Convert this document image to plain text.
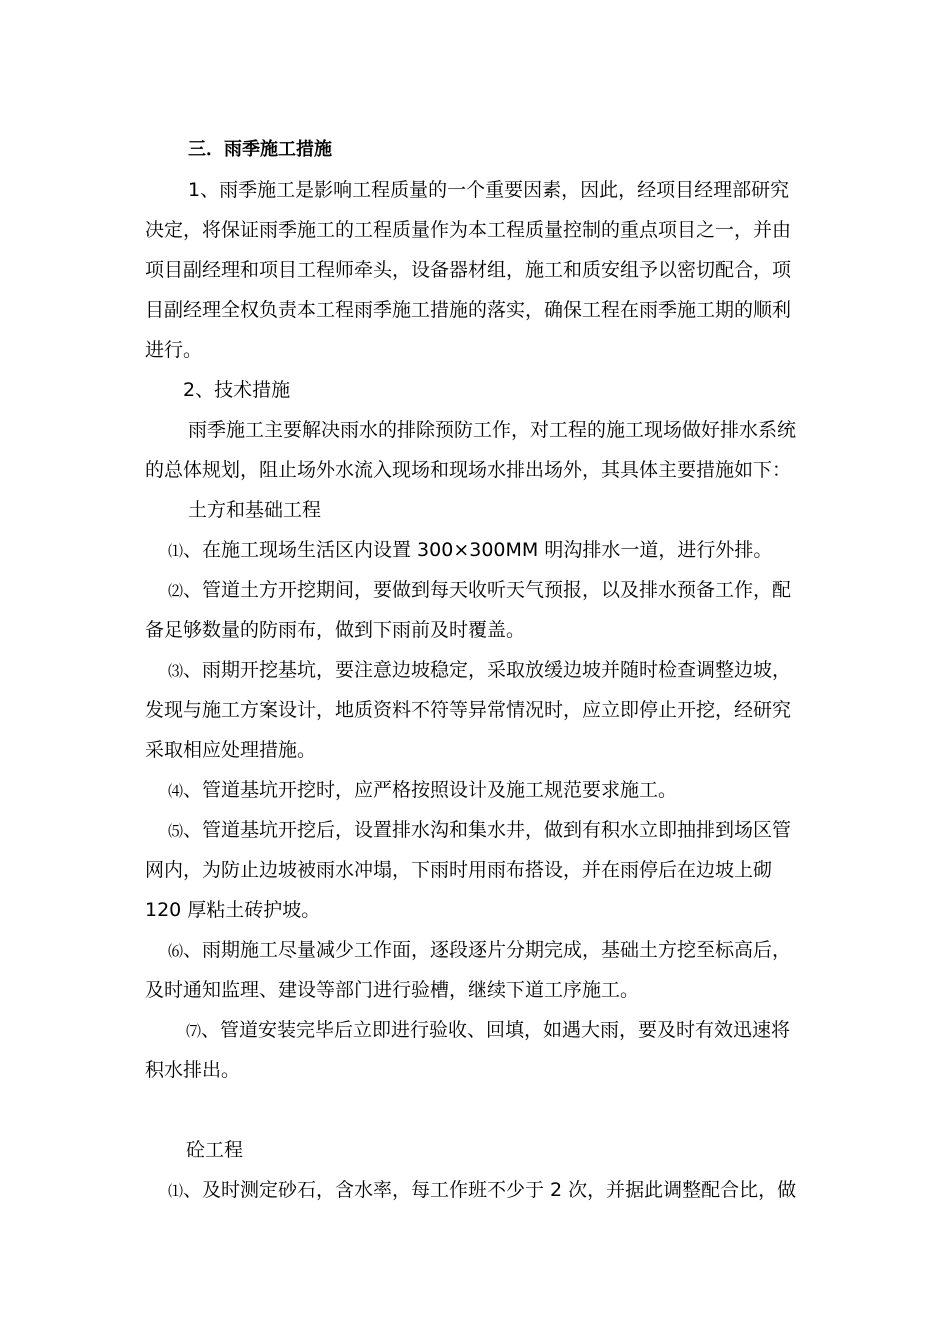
三．雨季施工措施
1、雨季施工是影响工程质量的一个重要因素，因此，经项目经理部研究
决定，将保证雨季施工的工程质量作为本工程质量控制的重点项目之一，并由
项目副经理和项目工程师牵头，设备器材组，施工和质安组予以密切配合，项
目副经理全权负责本工程雨季施工措施的落实，确保工程在雨季施工期的顺利
进行。
2、技术措施
雨季施工主要解决雨水的排除预防工作，对工程的施工现场做好排水系统
的总体规划，阻止场外水流入现场和现场水排出场外，其具体主要措施如下：
土方和基础工程
⑴、在施工现场生活区内设置 300×300MM 明沟排水一道，进行外排。
⑵、管道土方开挖期间，要做到每天收听天气预报，以及排水预备工作，配
备足够数量的防雨布，做到下雨前及时覆盖。
⑶、雨期开挖基坑，要注意边坡稳定，采取放缓边坡并随时检查调整边坡，
发现与施工方案设计，地质资料不符等异常情况时，应立即停止开挖，经研究
采取相应处理措施。
⑷、管道基坑开挖时，应严格按照设计及施工规范要求施工。
⑸、管道基坑开挖后，设置排水沟和集水井，做到有积水立即抽排到场区管
网内，为防止边坡被雨水冲塌，下雨时用雨布搭设，并在雨停后在边坡上砌
120 厚粘土砖护坡。
⑹、雨期施工尽量减少工作面，逐段逐片分期完成，基础土方挖至标高后，
及时通知监理、建设等部门进行验槽，继续下道工序施工。
⑺、管道安装完毕后立即进行验收、回填，如遇大雨，要及时有效迅速将
积水排出。
砼工程
⑴、及时测定砂石，含水率，每工作班不少于 2 次，并据此调整配合比，做
